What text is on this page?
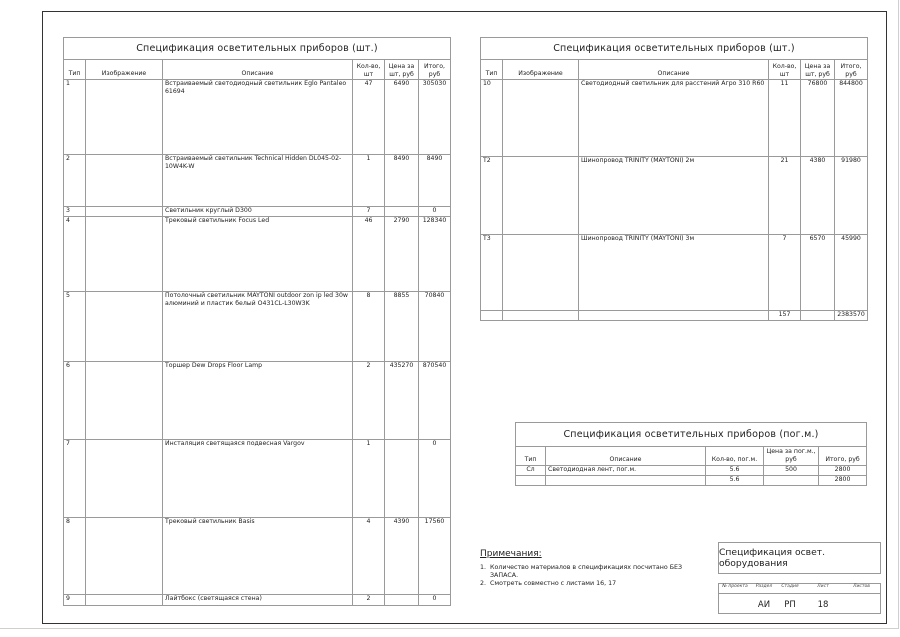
Спецификация осветительных приборов (шт.)					
Тип	Изображение	Описание	Кол-во, шт	Цена за шт, руб	Итого, руб
1		Встраиваемый светодиодный светильник Eglo Pantaleo 61694	47	6490	305030
2		Встраиваемый светильник Technical Hidden DL045-02-10W4K-W	1	8490	8490
3		Светильник круглый D300	7		0
4		Трековый светильник Focus Led	46	2790	128340
5		Потолочный светильник MAYTONI outdoor zon ip led 30w алюминий и пластик белый O431CL-L30W3K	8	8855	70840
6		Торшер Dew Drops Floor Lamp	2	435270	870540
7		Инсталяция светящаяся подвесная Vargov	1		0
8		Трековый светильник Basis	4	4390	17560
9		Лайтбокс (светящаяся стена)	2		0
Спецификация осветительных приборов (шт.)					
Тип	Изображение	Описание	Кол-во, шт	Цена за шт, руб	Итого, руб
10		Светодиодный светильник для расстений Агро 310 R60	11	76800	844800
T2		Шинопровод TRINITY (MAYTONI) 2м	21	4380	91980
T3		Шинопровод TRINITY (MAYTONI) 3м	7	6570	45990
			157		2383570
Спецификация осветительных приборов (пог.м.)				
Тип	Описание	Кол-во, пог.м.	Цена за пог.м., руб	Итого, руб
Сл	Светодиодная лент, пог.м.	5.6	500	2800
		5.6		2800
Примечания:
1. Количество материалов в спецификациях посчитано БЕЗ ЗАПАСА.
2. Смотреть совместно с листами 16, 17
Спецификация освет. оборудования
№ проекта	Раздел	Стадия	Лист	Листов
АИ	РП	18
